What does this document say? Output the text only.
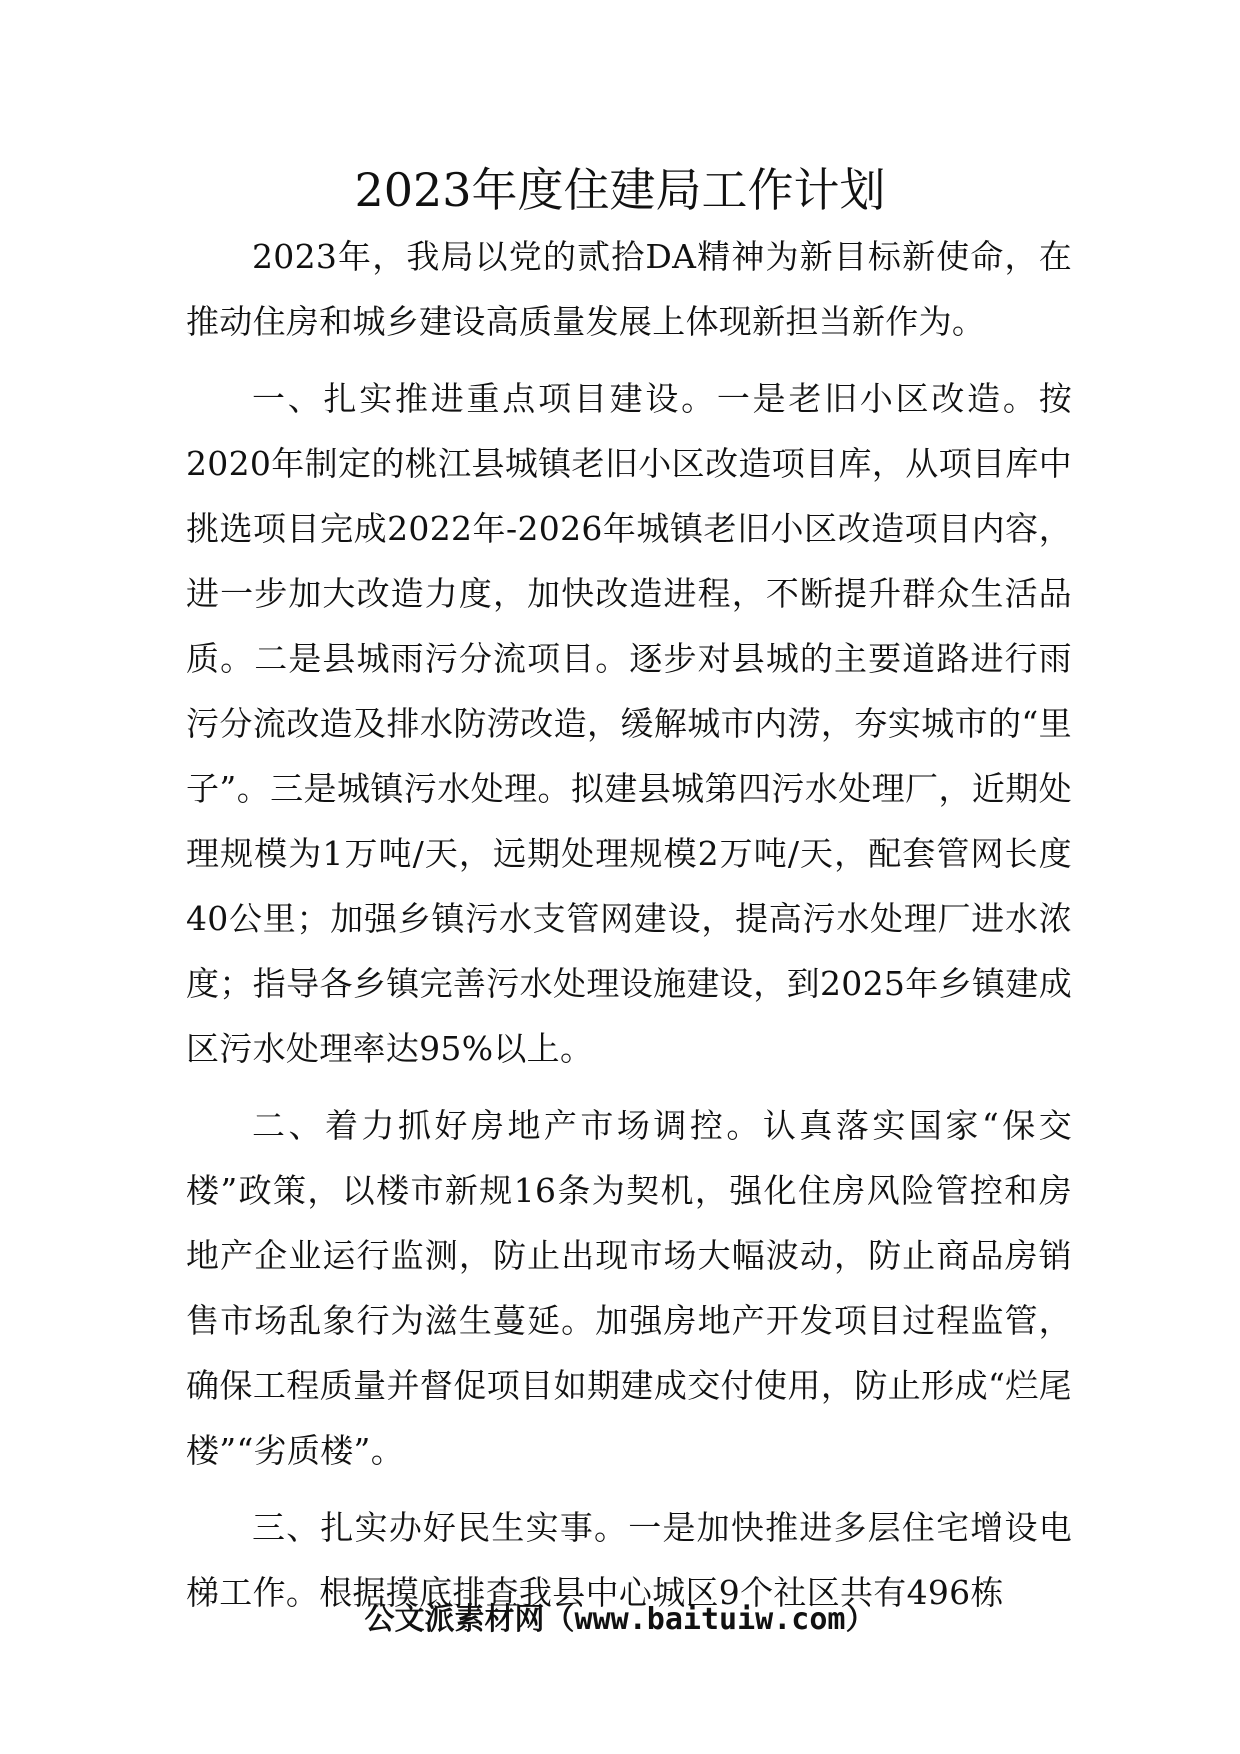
2023年度住建局工作计划

2023年，我局以党的贰拾DA精神为新目标新使命，在推动住房和城乡建设高质量发展上体现新担当新作为。

一、扎实推进重点项目建设。一是老旧小区改造。按2020年制定的桃江县城镇老旧小区改造项目库，从项目库中挑选项目完成2022年-2026年城镇老旧小区改造项目内容，进一步加大改造力度，加快改造进程，不断提升群众生活品质。二是县城雨污分流项目。逐步对县城的主要道路进行雨污分流改造及排水防涝改造，缓解城市内涝，夯实城市的“里子”。三是城镇污水处理。拟建县城第四污水处理厂，近期处理规模为1万吨/天，远期处理规模2万吨/天，配套管网长度40公里；加强乡镇污水支管网建设，提高污水处理厂进水浓度；指导各乡镇完善污水处理设施建设，到2025年乡镇建成区污水处理率达95%以上。

二、着力抓好房地产市场调控。认真落实国家“保交楼”政策，以楼市新规16条为契机，强化住房风险管控和房地产企业运行监测，防止出现市场大幅波动，防止商品房销售市场乱象行为滋生蔓延。加强房地产开发项目过程监管，确保工程质量并督促项目如期建成交付使用，防止形成“烂尾楼”“劣质楼”。

三、扎实办好民生实事。一是加快推进多层住宅增设电梯工作。根据摸底排查我县中心城区9个社区共有496栋

公文派素材网（www.baituiw.com）
